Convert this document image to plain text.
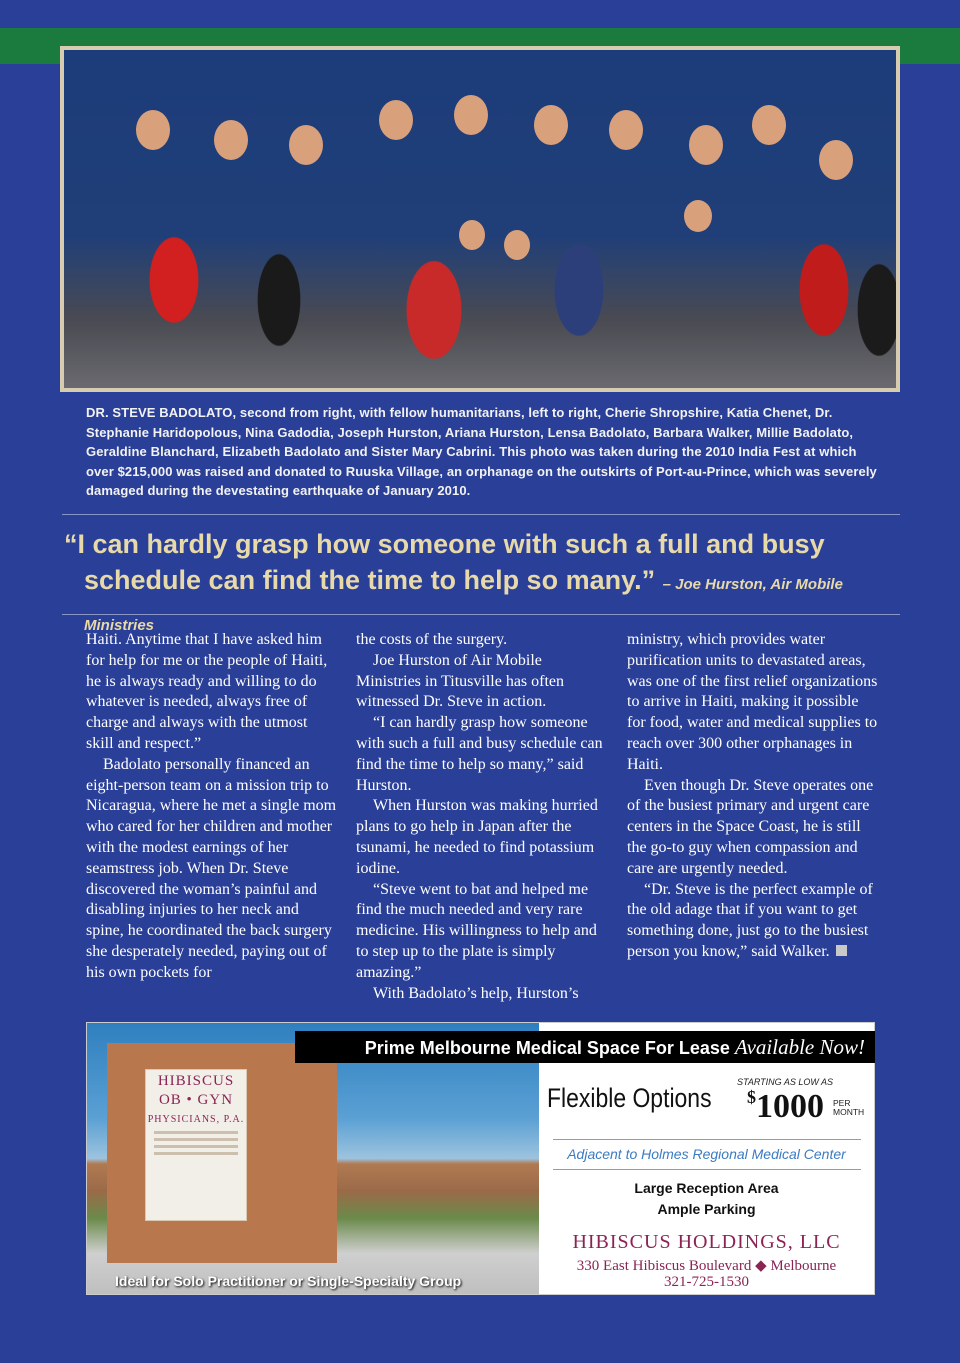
DR. STEVE BADOLATO, second from right, with fellow humanitarians, left to right, Cherie Shropshire, Katia Chenet, Dr. Stephanie Haridopolous, Nina Gadodia, Joseph Hurston, Ariana Hurston, Lensa Badolato, Barbara Walker, Millie Badolato, Geraldine Blanchard, Elizabeth Badolato and Sister Mary Cabrini. This photo was taken during the 2010 India Fest at which over $215,000 was raised and donated to Ruuska Village, an orphanage on the outskirts of Port-au-Prince, which was severely damaged during the devestating earthquake of January 2010.
“I can hardly grasp how someone with such a full and busy
schedule can find the time to help so many.” – Joe Hurston, Air Mobile Ministries

Haiti. Anytime that I have asked him for help for me or the people of Haiti, he is always ready and willing to do whatever is needed, always free of charge and always with the utmost skill and respect.”

Badolato personally financed an eight-person team on a mission trip to Nicaragua, where he met a single mom who cared for her children and mother with the modest earnings of her seamstress job. When Dr. Steve discovered the woman’s painful and disabling injuries to her neck and spine, he coordinated the back surgery she desperately needed, paying out of his own pockets for

the costs of the surgery.

Joe Hurston of Air Mobile Ministries in Titusville has often witnessed Dr. Steve in action.

“I can hardly grasp how someone with such a full and busy schedule can find the time to help so many,” said Hurston.

When Hurston was making hurried plans to go help in Japan after the tsunami, he needed to find potassium iodine.

“Steve went to bat and helped me find the much needed and very rare medicine. His willingness to help and to step up to the plate is simply amazing.”

With Badolato’s help, Hurston’s

ministry, which provides water purification units to devastated areas, was one of the first relief organizations to arrive in Haiti, making it possible for food, water and medical supplies to reach over 300 other orphanages in Haiti.

Even though Dr. Steve operates one of the busiest primary and urgent care centers in the Space Coast, he is still the go-to guy when compassion and care are urgently needed.

“Dr. Steve is the perfect example of the old adage that if you want to get something done, just go to the busiest person you know,” said Walker.

HIBISCUS
OB • GYN
PHYSICIANS, P.A.
Ideal for Solo Practitioner or Single-Specialty Group
Prime Melbourne Medical Space For Lease Available Now!
Flexible Options
STARTING AS LOW AS
$1000 PER
MONTH
Adjacent to Holmes Regional Medical Center
Large Reception Area
Ample Parking
HIBISCUS HOLDINGS, LLC
330 East Hibiscus Boulevard ◆ Melbourne
321-725-1530
